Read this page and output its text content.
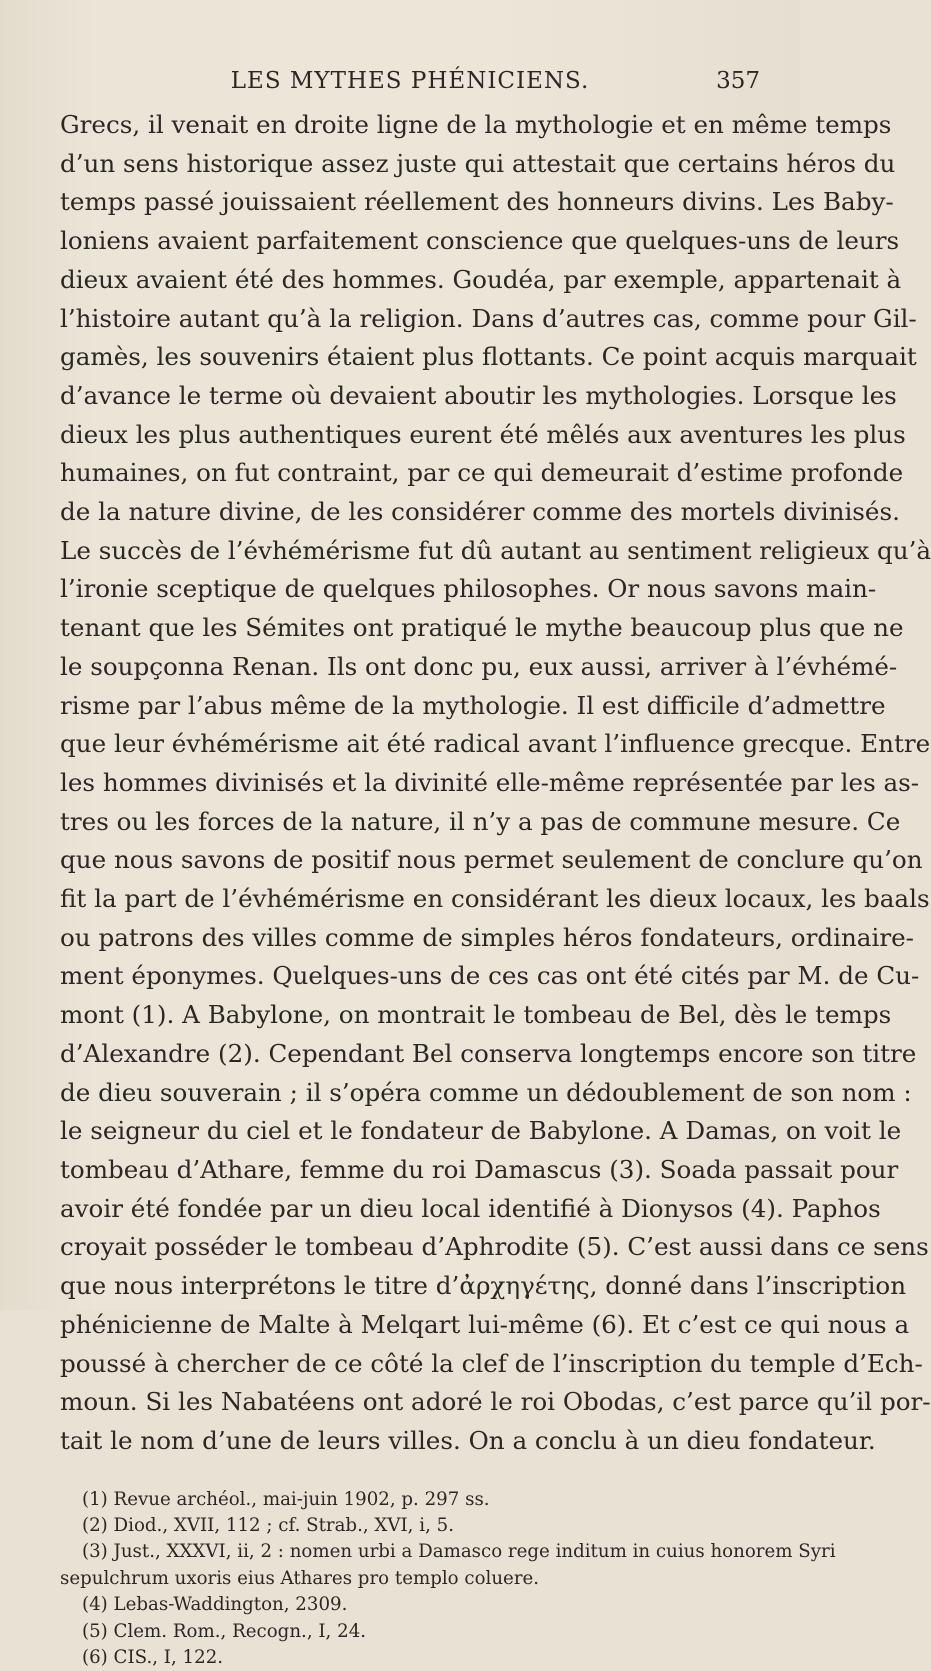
LES MYTHES PHÉNICIENS.	357

Grecs, il venait en droite ligne de la mythologie et en même temps
d’un sens historique assez juste qui attestait que certains héros du
temps passé jouissaient réellement des honneurs divins. Les Baby-
loniens avaient parfaitement conscience que quelques-uns de leurs
dieux avaient été des hommes. Goudéa, par exemple, appartenait à
l’histoire autant qu’à la religion. Dans d’autres cas, comme pour Gil-
gamès, les souvenirs étaient plus flottants. Ce point acquis marquait
d’avance le terme où devaient aboutir les mythologies. Lorsque les
dieux les plus authentiques eurent été mêlés aux aventures les plus
humaines, on fut contraint, par ce qui demeurait d’estime profonde
de la nature divine, de les considérer comme des mortels divinisés.
Le succès de l’évhémérisme fut dû autant au sentiment religieux qu’à
l’ironie sceptique de quelques philosophes. Or nous savons main-
tenant que les Sémites ont pratiqué le mythe beaucoup plus que ne
le soupçonna Renan. Ils ont donc pu, eux aussi, arriver à l’évhémé-
risme par l’abus même de la mythologie. Il est difficile d’admettre
que leur évhémérisme ait été radical avant l’influence grecque. Entre
les hommes divinisés et la divinité elle-même représentée par les as-
tres ou les forces de la nature, il n’y a pas de commune mesure. Ce
que nous savons de positif nous permet seulement de conclure qu’on
fit la part de l’évhémérisme en considérant les dieux locaux, les baals
ou patrons des villes comme de simples héros fondateurs, ordinaire-
ment éponymes. Quelques-uns de ces cas ont été cités par M. de Cu-
mont (1). A Babylone, on montrait le tombeau de Bel, dès le temps
d’Alexandre (2). Cependant Bel conserva longtemps encore son titre
de dieu souverain ; il s’opéra comme un dédoublement de son nom :
le seigneur du ciel et le fondateur de Babylone. A Damas, on voit le
tombeau d’Athare, femme du roi Damascus (3). Soada passait pour
avoir été fondée par un dieu local identifié à Dionysos (4). Paphos
croyait posséder le tombeau d’Aphrodite (5). C’est aussi dans ce sens
que nous interprétons le titre d’ἀρχηγέτης, donné dans l’inscription
phénicienne de Malte à Melqart lui-même (6). Et c’est ce qui nous a
poussé à chercher de ce côté la clef de l’inscription du temple d’Ech-
moun. Si les Nabatéens ont adoré le roi Obodas, c’est parce qu’il por-
tait le nom d’une de leurs villes. On a conclu à un dieu fondateur.

(1) Revue archéol., mai-juin 1902, p. 297 ss.
(2) Diod., XVII, 112 ; cf. Strab., XVI, i, 5.
(3) Just., XXXVI, ii, 2 : nomen urbi a Damasco rege inditum in cuius honorem Syri
sepulchrum uxoris eius Athares pro templo coluere.
(4) Lebas-Waddington, 2309.
(5) Clem. Rom., Recogn., I, 24.
(6) CIS., I, 122.
